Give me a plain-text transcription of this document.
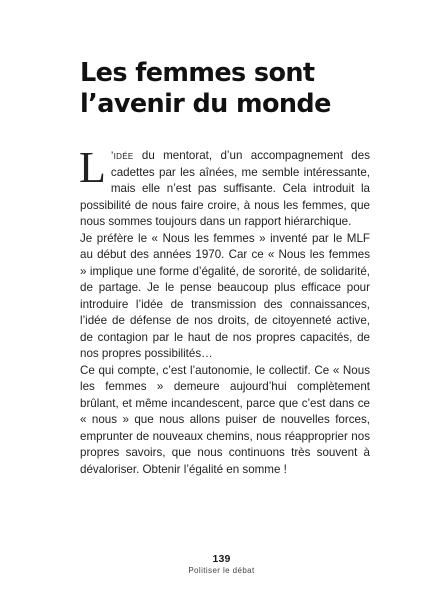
Les femmes sont
l’avenir du monde

L ’idée du mentorat, d’un accompagnement des cadettes par les aînées, me semble intéressante, mais elle n’est pas suffisante. Cela introduit la possibilité de nous faire croire, à nous les femmes, que nous sommes toujours dans un rapport hiérarchique.

Je préfère le « Nous les femmes » inventé par le MLF au début des années 1970. Car ce « Nous les femmes » implique une forme d’égalité, de sororité, de solidarité, de partage. Je le pense beaucoup plus efficace pour introduire l’idée de transmission des connaissances, l’idée de défense de nos droits, de citoyenneté active, de contagion par le haut de nos propres capacités, de nos propres possibilités…

Ce qui compte, c’est l’autonomie, le collectif. Ce « Nous les femmes » demeure aujourd’hui complètement brûlant, et même incandescent, parce que c’est dans ce « nous » que nous allons puiser de nouvelles forces, emprunter de nouveaux chemins, nous réapproprier nos propres savoirs, que nous continuons très souvent à dévaloriser. Obtenir l’égalité en somme !

139
Politiser le débat
